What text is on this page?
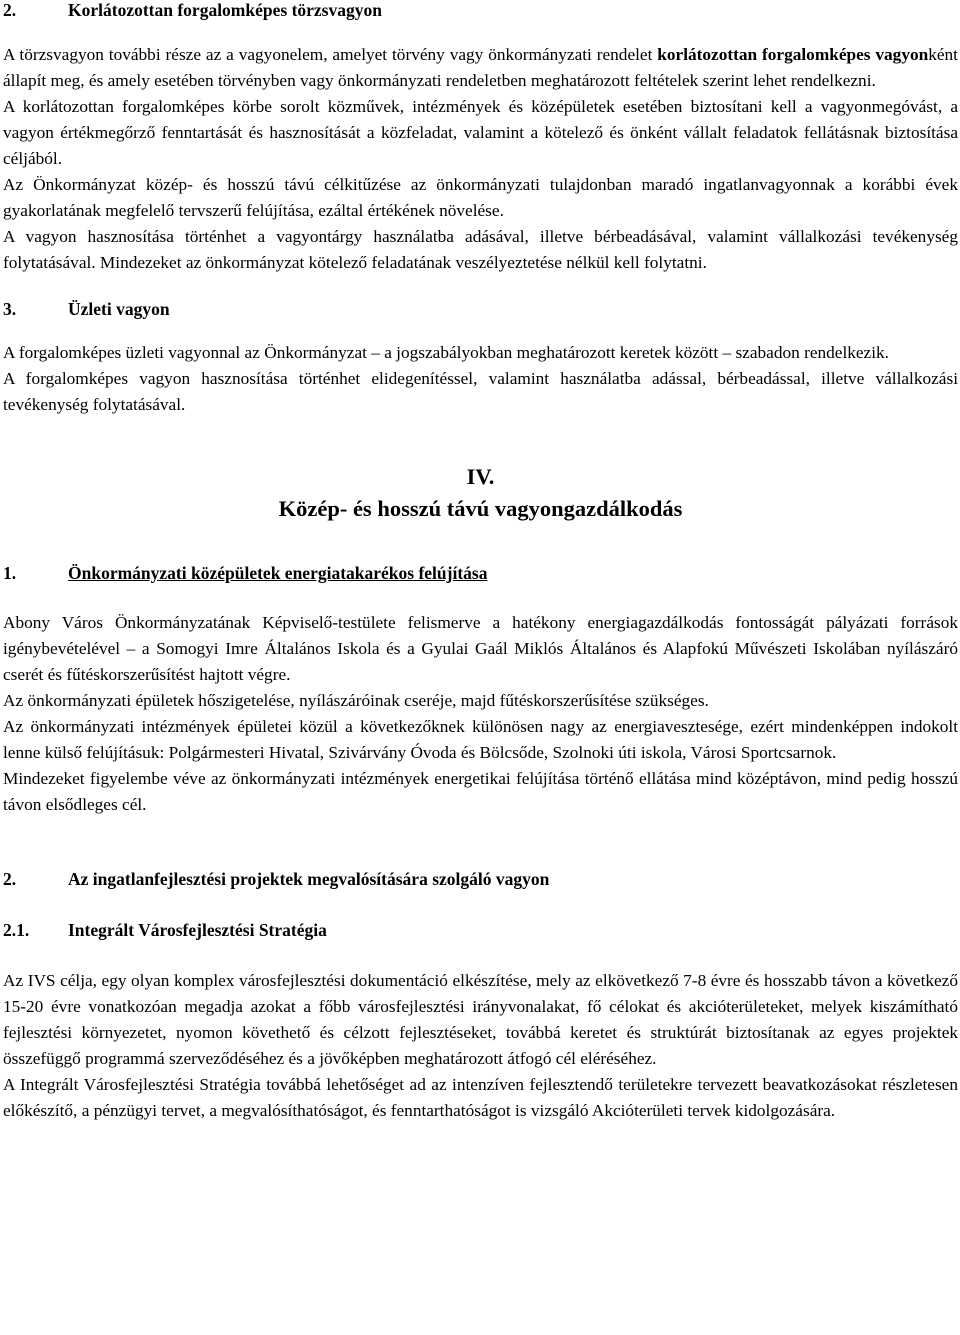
2.	Korlátozottan forgalomképes törzsvagyon

A törzsvagyon további része az a vagyonelem, amelyet törvény vagy önkormányzati rendelet korlátozottan forgalomképes vagyonként állapít meg, és amely esetében törvényben vagy önkormányzati rendeletben meghatározott feltételek szerint lehet rendelkezni.

A korlátozottan forgalomképes körbe sorolt közművek, intézmények és középületek esetében biztosítani kell a vagyonmegóvást, a vagyon értékmegőrző fenntartását és hasznosítását a közfeladat, valamint a kötelező és önként vállalt feladatok fellátásnak biztosítása céljából.

Az Önkormányzat közép- és hosszú távú célkitűzése az önkormányzati tulajdonban maradó ingatlanvagyonnak a korábbi évek gyakorlatának megfelelő tervszerű felújítása, ezáltal értékének növelése.

A vagyon hasznosítása történhet a vagyontárgy használatba adásával, illetve bérbeadásával, valamint vállalkozási tevékenység folytatásával. Mindezeket az önkormányzat kötelező feladatának veszélyeztetése nélkül kell folytatni.

3.	Üzleti vagyon

A forgalomképes üzleti vagyonnal az Önkormányzat – a jogszabályokban meghatározott keretek között – szabadon rendelkezik.

A forgalomképes vagyon hasznosítása történhet elidegenítéssel, valamint használatba adással, bérbeadással, illetve vállalkozási tevékenység folytatásával.

IV.
Közép- és hosszú távú vagyongazdálkodás
1.	Önkormányzati középületek energiatakarékos felújítása

Abony Város Önkormányzatának Képviselő-testülete felismerve a hatékony energiagazdálkodás fontosságát pályázati források igénybevételével – a Somogyi Imre Általános Iskola és a Gyulai Gaál Miklós Általános és Alapfokú Művészeti Iskolában nyílászáró cserét és fűtéskorszerűsítést hajtott végre.

Az önkormányzati épületek hőszigetelése, nyílászáróinak cseréje, majd fűtéskorszerűsítése szükséges.

Az önkormányzati intézmények épületei közül a következőknek különösen nagy az energiavesztesége, ezért mindenképpen indokolt lenne külső felújításuk: Polgármesteri Hivatal, Szivárvány Óvoda és Bölcsőde, Szolnoki úti iskola, Városi Sportcsarnok.

Mindezeket figyelembe véve az önkormányzati intézmények energetikai felújítása történő ellátása mind középtávon, mind pedig hosszú távon elsődleges cél.

2.	Az ingatlanfejlesztési projektek megvalósítására szolgáló vagyon
2.1.	Integrált Városfejlesztési Stratégia

Az IVS célja, egy olyan komplex városfejlesztési dokumentáció elkészítése, mely az elkövetkező 7-8 évre és hosszabb távon a következő 15-20 évre vonatkozóan megadja azokat a főbb városfejlesztési irányvonalakat, fő célokat és akcióterületeket, melyek kiszámítható fejlesztési környezetet, nyomon követhető és célzott fejlesztéseket, továbbá keretet és struktúrát biztosítanak az egyes projektek összefüggő programmá szerveződéséhez és a jövőképben meghatározott átfogó cél eléréséhez.

A Integrált Városfejlesztési Stratégia továbbá lehetőséget ad az intenzíven fejlesztendő területekre tervezett beavatkozásokat részletesen előkészítő, a pénzügyi tervet, a megvalósíthatóságot, és fenntarthatóságot is vizsgáló Akcióterületi tervek kidolgozására.
